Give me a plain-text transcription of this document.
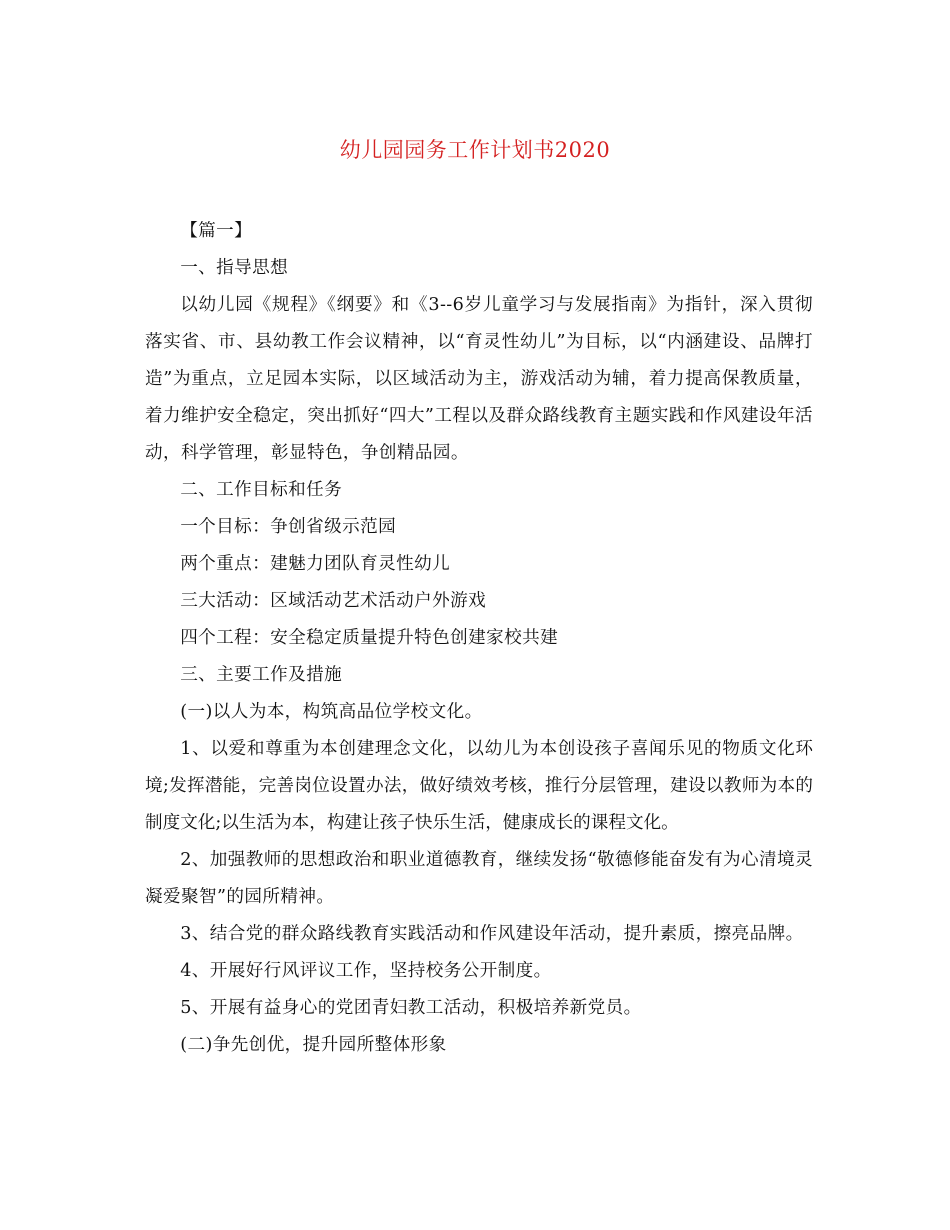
幼儿园园务工作计划书2020

【篇一】

一、指导思想

以幼儿园《规程》《纲要》和《3--6岁儿童学习与发展指南》为指针，深入贯彻落实省、市、县幼教工作会议精神，以“育灵性幼儿”为目标，以“内涵建设、品牌打造”为重点，立足园本实际，以区域活动为主，游戏活动为辅，着力提高保教质量，着力维护安全稳定，突出抓好“四大”工程以及群众路线教育主题实践和作风建设年活动，科学管理，彰显特色，争创精品园。

二、工作目标和任务

一个目标：争创省级示范园

两个重点：建魅力团队育灵性幼儿

三大活动：区域活动艺术活动户外游戏

四个工程：安全稳定质量提升特色创建家校共建

三、主要工作及措施

(一)以人为本，构筑高品位学校文化。

1、以爱和尊重为本创建理念文化，以幼儿为本创设孩子喜闻乐见的物质文化环境;发挥潜能，完善岗位设置办法，做好绩效考核，推行分层管理，建设以教师为本的制度文化;以生活为本，构建让孩子快乐生活，健康成长的课程文化。

2、加强教师的思想政治和职业道德教育，继续发扬“敬德修能奋发有为心清境灵凝爱聚智”的园所精神。

3、结合党的群众路线教育实践活动和作风建设年活动，提升素质，擦亮品牌。

4、开展好行风评议工作，坚持校务公开制度。

5、开展有益身心的党团青妇教工活动，积极培养新党员。

(二)争先创优，提升园所整体形象
